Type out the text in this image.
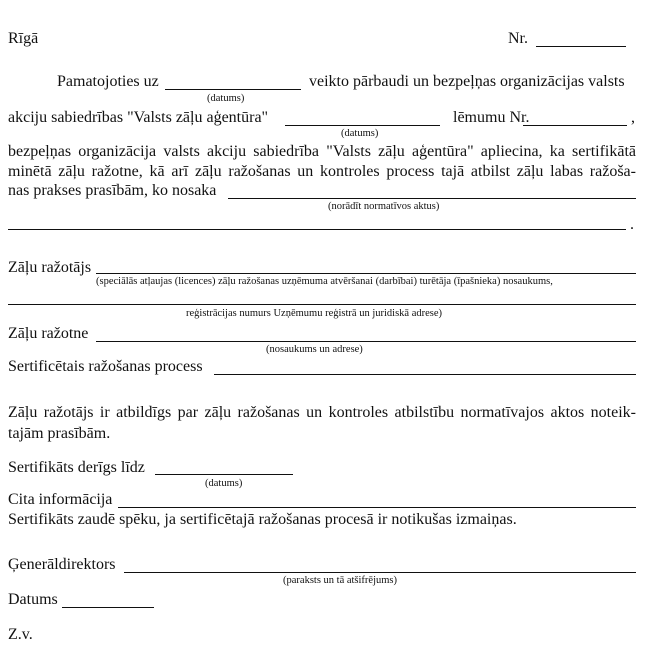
Rīgā	Nr.
Pamatojoties uz	veikto pārbaudi un bezpeļņas organizācijas valsts
(datums)
akciju sabiedrības "Valsts zāļu aģentūra"	lēmumu Nr.	,
(datums)
bezpeļņas organizācija valsts akciju sabiedrība "Valsts zāļu aģentūra" apliecina, ka sertifikātā
minētā zāļu ražotne, kā arī zāļu ražošanas un kontroles process tajā atbilst zāļu labas ražoša-
nas prakses prasībām, ko nosaka
(norādīt normatīvos aktus)
.
Zāļu ražotājs
(speciālās atļaujas (licences) zāļu ražošanas uzņēmuma atvēršanai (darbībai) turētāja (īpašnieka) nosaukums,
reģistrācijas numurs Uzņēmumu reģistrā un juridiskā adrese)
Zāļu ražotne
(nosaukums un adrese)
Sertificētais ražošanas process
Zāļu ražotājs ir atbildīgs par zāļu ražošanas un kontroles atbilstību normatīvajos aktos noteik-
tajām prasībām.
Sertifikāts derīgs līdz
(datums)
Cita informācija
Sertifikāts zaudē spēku, ja sertificētajā ražošanas procesā ir notikušas izmaiņas.
Ģenerāldirektors
(paraksts un tā atšifrējums)
Datums
Z.v.
